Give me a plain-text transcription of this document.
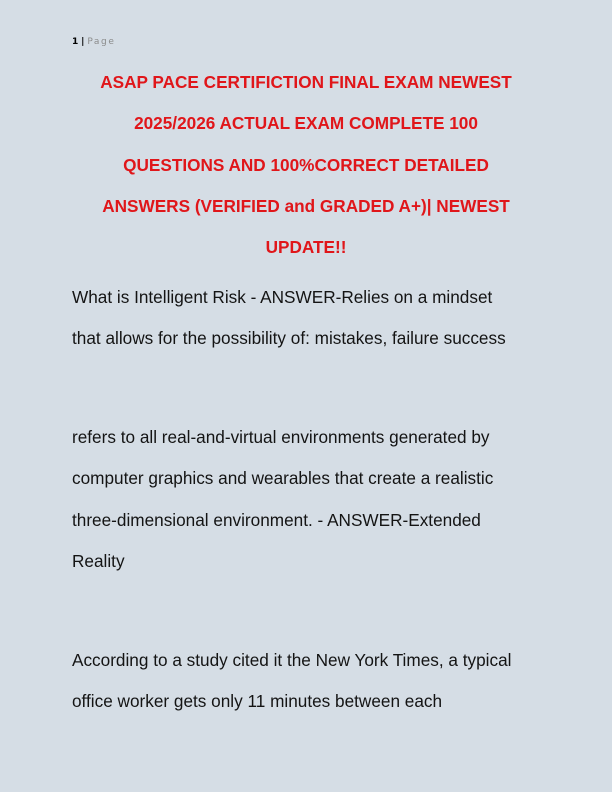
1 | Page
ASAP PACE CERTIFICTION FINAL EXAM NEWEST
2025/2026 ACTUAL EXAM COMPLETE 100
QUESTIONS AND 100%CORRECT DETAILED
ANSWERS (VERIFIED and GRADED A+)| NEWEST
UPDATE!!
What is Intelligent Risk - ANSWER-Relies on a mindset
that allows for the possibility of: mistakes, failure success
refers to all real-and-virtual environments generated by
computer graphics and wearables that create a realistic
three-dimensional environment. - ANSWER-Extended
Reality
According to a study cited it the New York Times, a typical
office worker gets only 11 minutes between each
